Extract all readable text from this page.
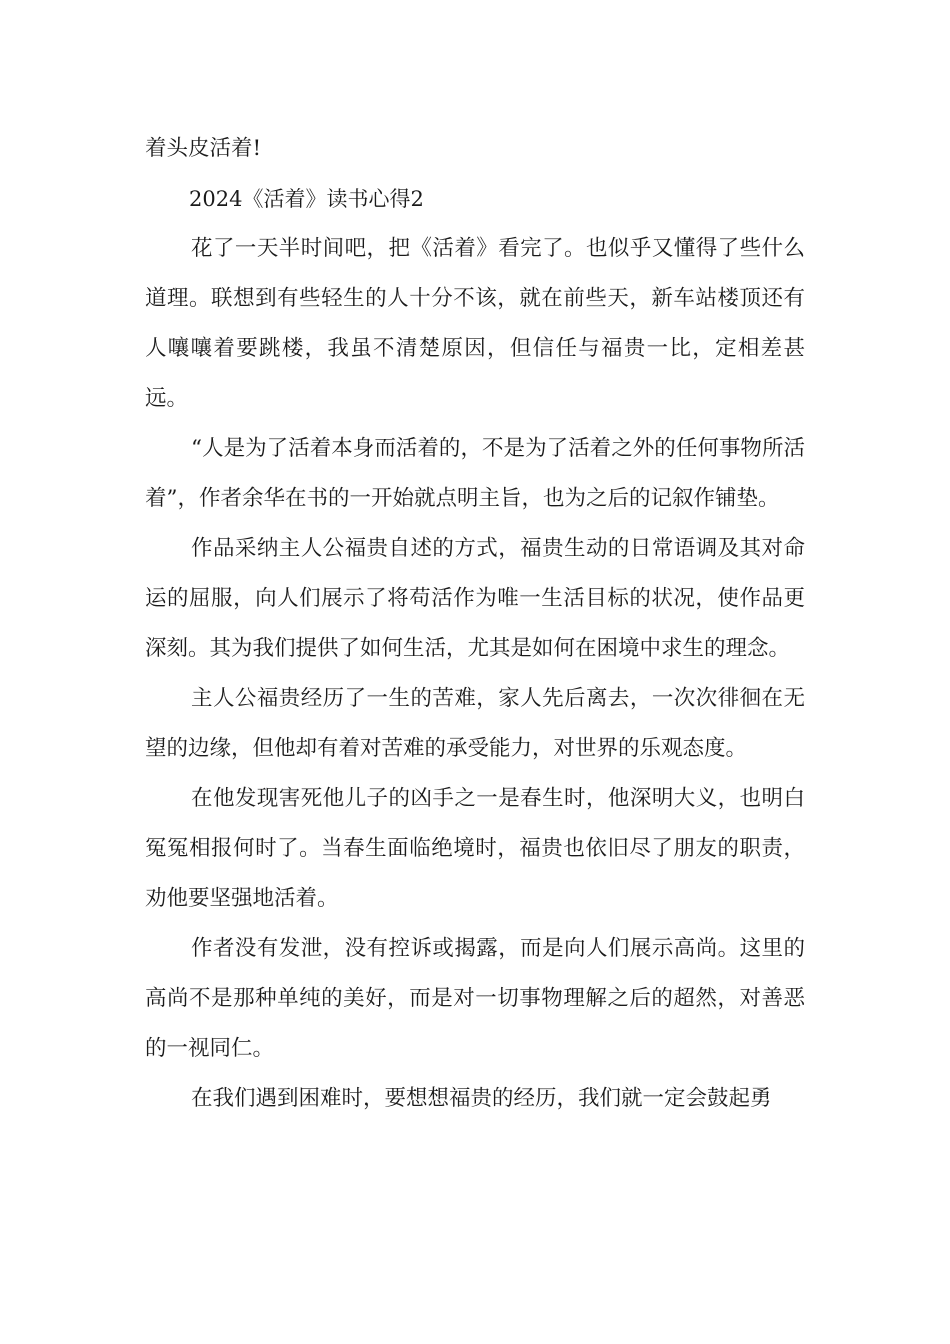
着头皮活着!

2024《活着》读书心得2

花了一天半时间吧，把《活着》看完了。也似乎又懂得了些什么道理。联想到有些轻生的人十分不该，就在前些天，新车站楼顶还有人嚷嚷着要跳楼，我虽不清楚原因，但信任与福贵一比，定相差甚远。

“人是为了活着本身而活着的，不是为了活着之外的任何事物所活着”，作者余华在书的一开始就点明主旨，也为之后的记叙作铺垫。

作品采纳主人公福贵自述的方式，福贵生动的日常语调及其对命运的屈服，向人们展示了将苟活作为唯一生活目标的状况，使作品更深刻。其为我们提供了如何生活，尤其是如何在困境中求生的理念。

主人公福贵经历了一生的苦难，家人先后离去，一次次徘徊在无望的边缘，但他却有着对苦难的承受能力，对世界的乐观态度。

在他发现害死他儿子的凶手之一是春生时，他深明大义，也明白冤冤相报何时了。当春生面临绝境时，福贵也依旧尽了朋友的职责，劝他要坚强地活着。

作者没有发泄，没有控诉或揭露，而是向人们展示高尚。这里的高尚不是那种单纯的美好，而是对一切事物理解之后的超然，对善恶的一视同仁。

在我们遇到困难时，要想想福贵的经历，我们就一定会鼓起勇
